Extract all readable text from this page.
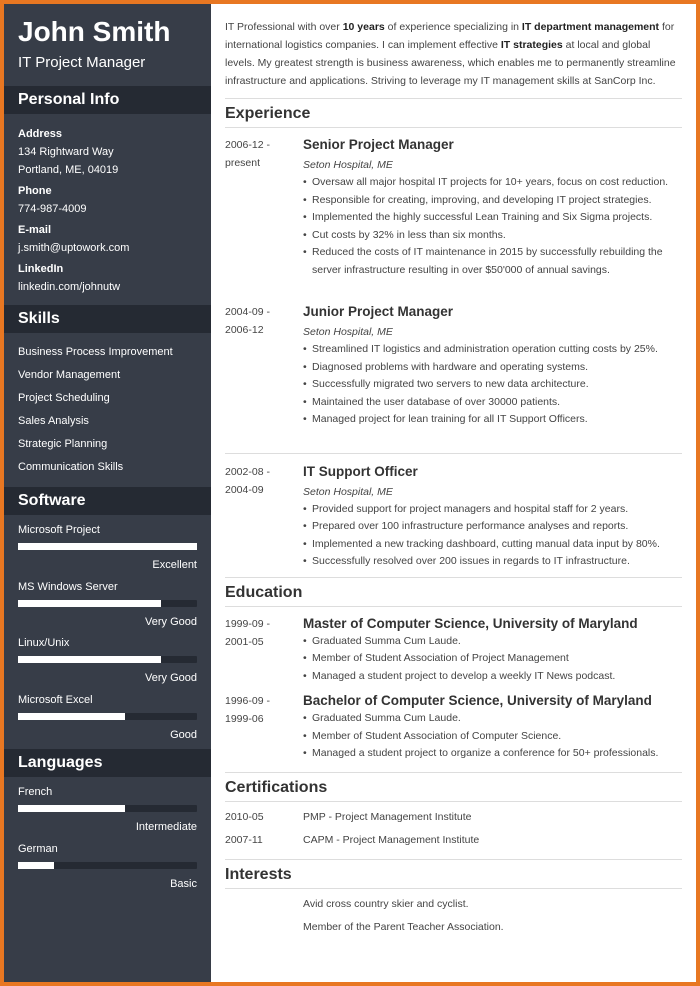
John Smith
IT Project Manager
Personal Info
Address
134 Rightward Way
Portland, ME, 04019
Phone
774-987-4009
E-mail
j.smith@uptowork.com
LinkedIn
linkedin.com/johnutw
Skills
Business Process Improvement
Vendor Management
Project Scheduling
Sales Analysis
Strategic Planning
Communication Skills
Software
Microsoft Project
Excellent
MS Windows Server
Very Good
Linux/Unix
Very Good
Microsoft Excel
Good
Languages
French
Intermediate
German
Basic
IT Professional with over 10 years of experience specializing in IT department management for international logistics companies. I can implement effective IT strategies at local and global levels. My greatest strength is business awareness, which enables me to permanently streamline infrastructure and applications. Striving to leverage my IT management skills at SanCorp Inc.
Experience
2006-12 -
present
Senior Project Manager
Seton Hospital, ME
• Oversaw all major hospital IT projects for 10+ years, focus on cost reduction.
• Responsible for creating, improving, and developing IT project strategies.
• Implemented the highly successful Lean Training and Six Sigma projects.
• Cut costs by 32% in less than six months.
• Reduced the costs of IT maintenance in 2015 by successfully rebuilding the server infrastructure resulting in over $50'000 of annual savings.
2004-09 -
2006-12
Junior Project Manager
Seton Hospital, ME
• Streamlined IT logistics and administration operation cutting costs by 25%.
• Diagnosed problems with hardware and operating systems.
• Successfully migrated two servers to new data architecture.
• Maintained the user database of over 30000 patients.
• Managed project for lean training for all IT Support Officers.
2002-08 -
2004-09
IT Support Officer
Seton Hospital, ME
• Provided support for project managers and hospital staff for 2 years.
• Prepared over 100 infrastructure performance analyses and reports.
• Implemented a new tracking dashboard, cutting manual data input by 80%.
• Successfully resolved over 200 issues in regards to IT infrastructure.
Education
1999-09 -
2001-05
Master of Computer Science, University of Maryland
• Graduated Summa Cum Laude.
• Member of Student Association of Project Management
• Managed a student project to develop a weekly IT News podcast.
1996-09 -
1999-06
Bachelor of Computer Science, University of Maryland
• Graduated Summa Cum Laude.
• Member of Student Association of Computer Science.
• Managed a student project to organize a conference for 50+ professionals.
Certifications
2010-05	PMP - Project Management Institute
2007-11	CAPM - Project Management Institute
Interests
Avid cross country skier and cyclist.
Member of the Parent Teacher Association.
